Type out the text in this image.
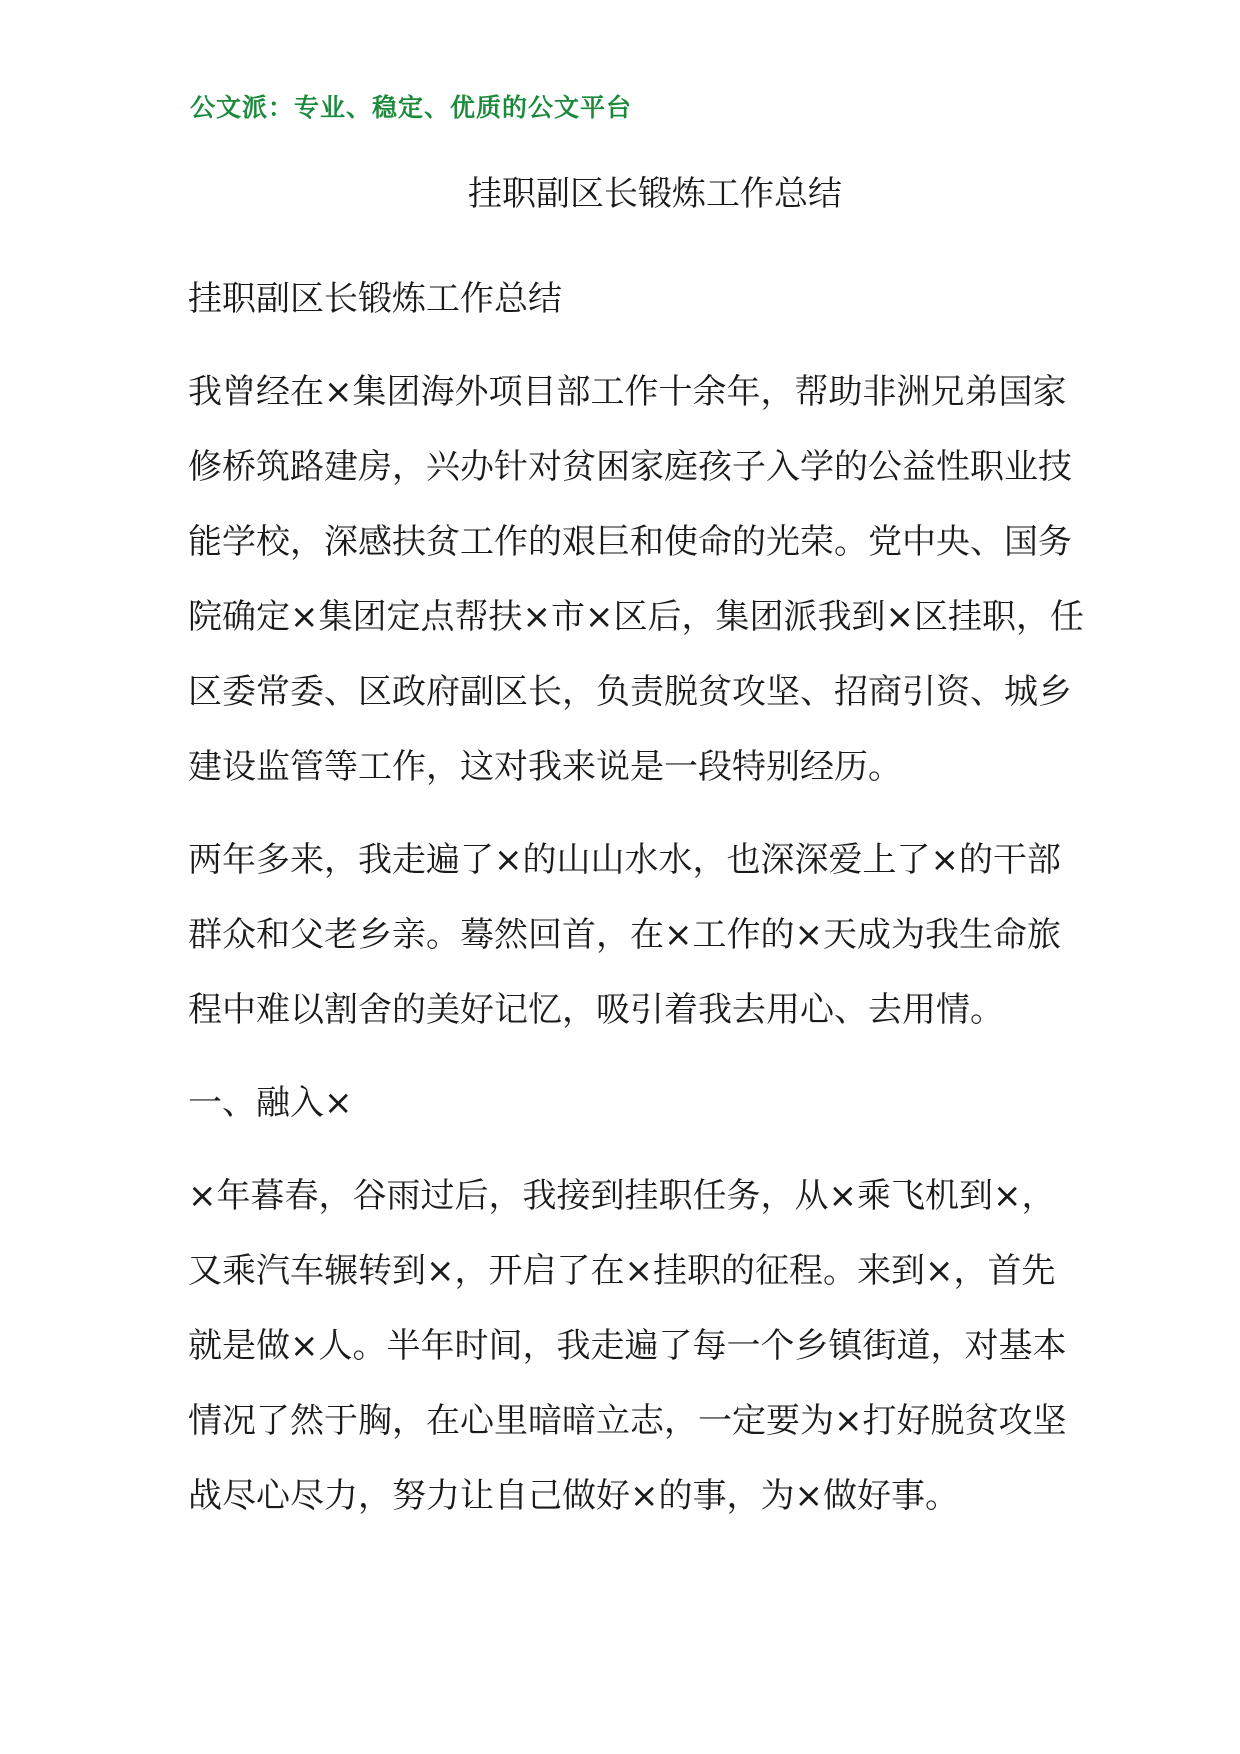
公文派：专业、稳定、优质的公文平台
挂职副区长锻炼工作总结

挂职副区长锻炼工作总结

我曾经在×集团海外项目部工作十余年，帮助非洲兄弟国家修桥筑路建房，兴办针对贫困家庭孩子入学的公益性职业技能学校，深感扶贫工作的艰巨和使命的光荣。党中央、国务院确定×集团定点帮扶×市×区后，集团派我到×区挂职，任区委常委、区政府副区长，负责脱贫攻坚、招商引资、城乡建设监管等工作，这对我来说是一段特别经历。

两年多来，我走遍了×的山山水水，也深深爱上了×的干部群众和父老乡亲。蓦然回首，在×工作的×天成为我生命旅程中难以割舍的美好记忆，吸引着我去用心、去用情。

一、融入×

×年暮春，谷雨过后，我接到挂职任务，从×乘飞机到×，又乘汽车辗转到×，开启了在×挂职的征程。来到×，首先就是做×人。半年时间，我走遍了每一个乡镇街道，对基本情况了然于胸，在心里暗暗立志，一定要为×打好脱贫攻坚战尽心尽力，努力让自己做好×的事，为×做好事。
